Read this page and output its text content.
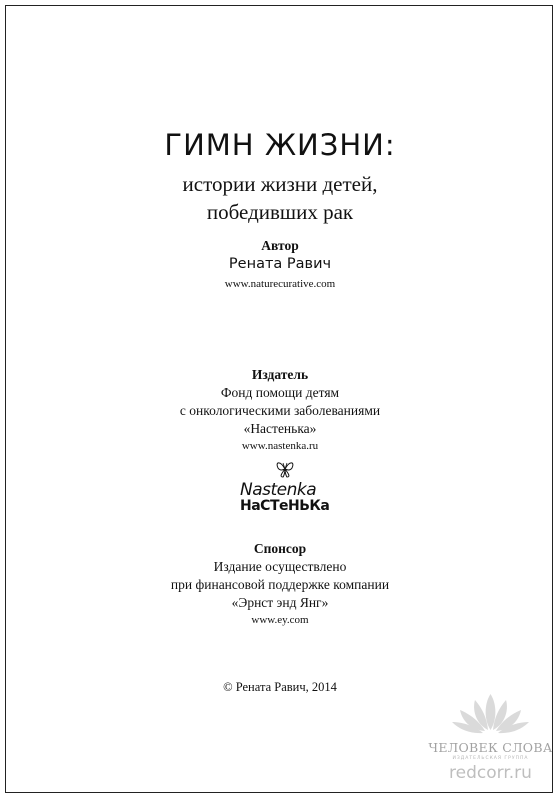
ГИМН ЖИЗНИ:
истории жизни детей,
победивших рак
Автор
Рената Равич
www.naturecurative.com
Издатель
Фонд помощи детям
с онкологическими заболеваниями
«Настенька»
www.nastenka.ru
Nastenka
НаСТеНЬКа
Спонсор
Издание осуществлено
при финансовой поддержке компании
«Эрнст энд Янг»
www.ey.com
© Рената Равич, 2014
ЧЕЛОВЕК СЛОВА
ИЗДАТЕЛЬСКАЯ ГРУППА
redcorr.ru
